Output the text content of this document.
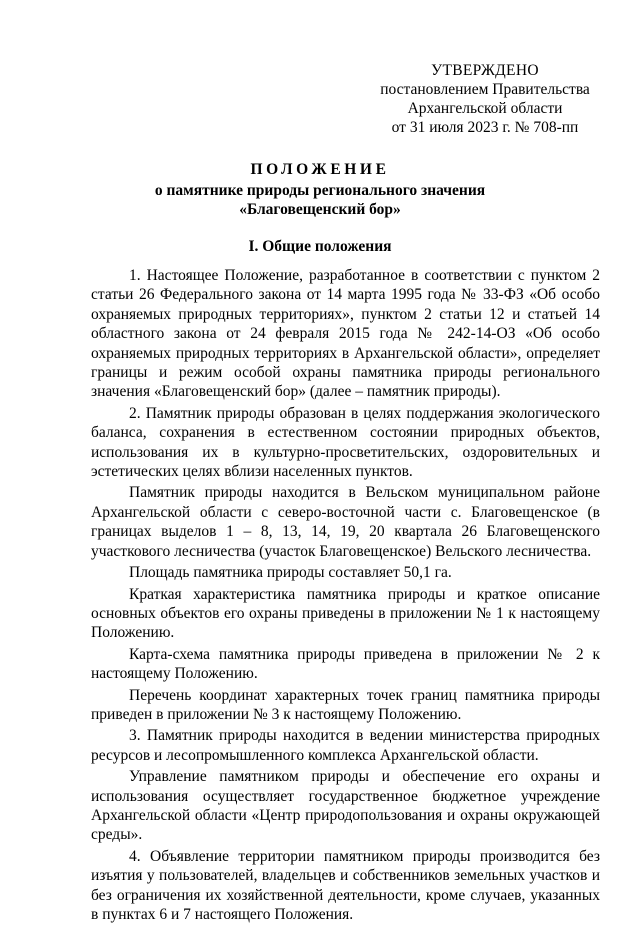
УТВЕРЖДЕНО
постановлением Правительства
Архангельской области
от 31 июля 2023 г. № 708-пп
ПОЛОЖЕНИЕ
о памятнике природы регионального значения
«Благовещенский бор»
I. Общие положения

1. Настоящее Положение, разработанное в соответствии с пунктом 2 статьи 26 Федерального закона от 14 марта 1995 года № 33-ФЗ «Об особо охраняемых природных территориях», пунктом 2 статьи 12 и статьей 14 областного закона от 24 февраля 2015 года № 242-14-ОЗ «Об особо охраняемых природных территориях в Архангельской области», определяет границы и режим особой охраны памятника природы регионального значения «Благовещенский бор» (далее – памятник природы).

2. Памятник природы образован в целях поддержания экологического баланса, сохранения в естественном состоянии природных объектов, использования их в культурно-просветительских, оздоровительных и эстетических целях вблизи населенных пунктов.

Памятник природы находится в Вельском муниципальном районе Архангельской области с северо-восточной части с. Благовещенское (в границах выделов 1 – 8, 13, 14, 19, 20 квартала 26 Благовещенского участкового лесничества (участок Благовещенское) Вельского лесничества.

Площадь памятника природы составляет 50,1 га.

Краткая характеристика памятника природы и краткое описание основных объектов его охраны приведены в приложении № 1 к настоящему Положению.

Карта-схема памятника природы приведена в приложении № 2 к настоящему Положению.

Перечень координат характерных точек границ памятника природы приведен в приложении № 3 к настоящему Положению.

3. Памятник природы находится в ведении министерства природных ресурсов и лесопромышленного комплекса Архангельской области.

Управление памятником природы и обеспечение его охраны и использования осуществляет государственное бюджетное учреждение Архангельской области «Центр природопользования и охраны окружающей среды».

4. Объявление территории памятником природы производится без изъятия у пользователей, владельцев и собственников земельных участков и без ограничения их хозяйственной деятельности, кроме случаев, указанных в пунктах 6 и 7 настоящего Положения.
